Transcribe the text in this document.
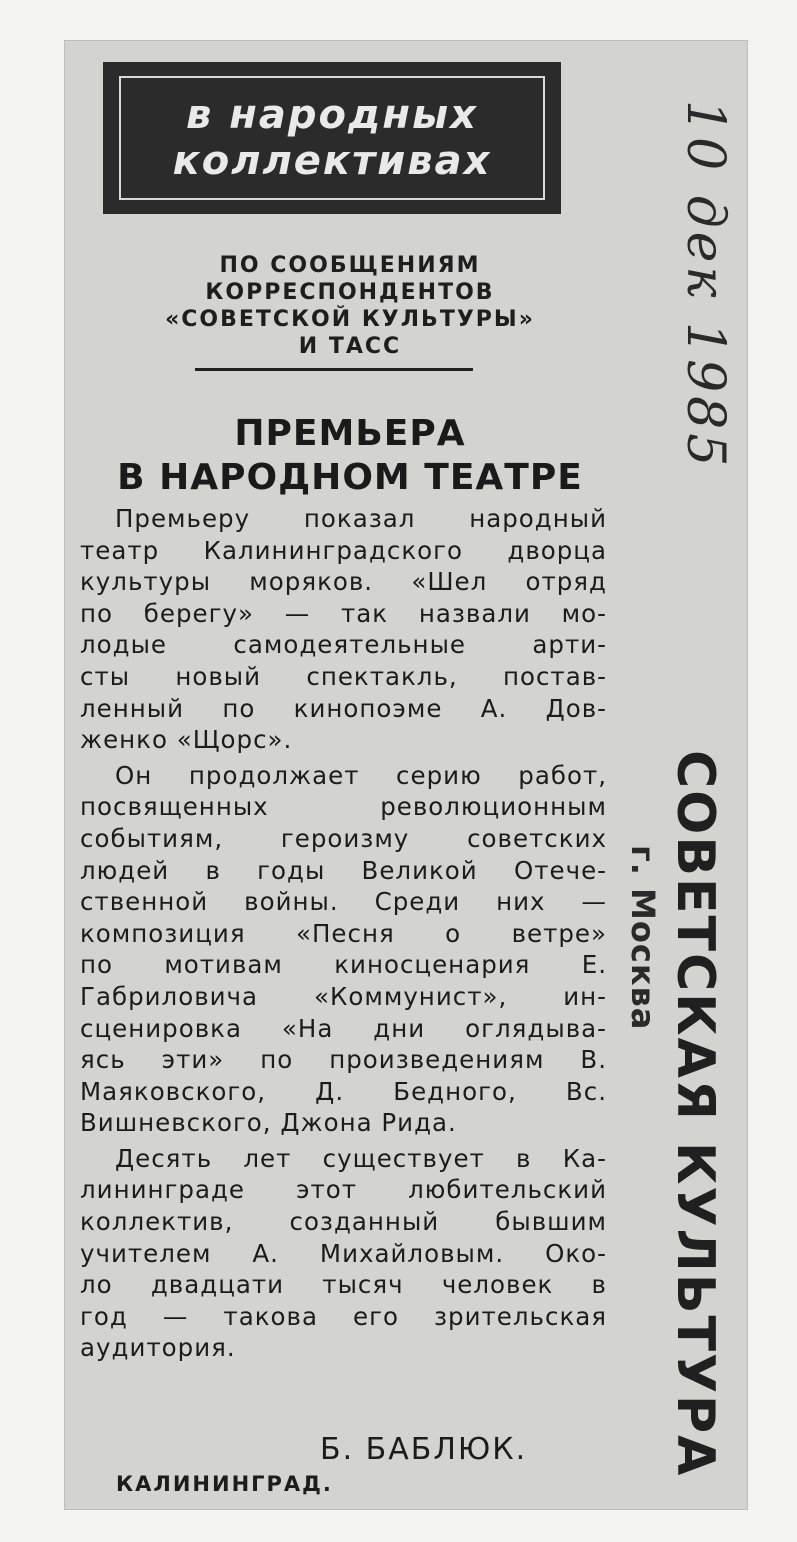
в народных
коллективах
ПО СООБЩЕНИЯМ
КОРРЕСПОНДЕНТОВ
«СОВЕТСКОЙ КУЛЬТУРЫ»
И ТАСС
ПРЕМЬЕРА
В НАРОДНОМ ТЕАТРЕ
Премьеру показал народный
театр Калининградского дворца
культуры моряков. «Шел отряд
по берегу» — так назвали мо-
лодые самодеятельные арти-
сты новый спектакль, постав-
ленный по кинопоэме А. Дов-
женко «Щорс».
Он продолжает серию работ,
посвященных революционным
событиям, героизму советских
людей в годы Великой Отече-
ственной войны. Среди них —
композиция «Песня о ветре»
по мотивам киносценария Е.
Габриловича «Коммунист», ин-
сценировка «На дни оглядыва-
ясь эти» по произведениям В.
Маяковского, Д. Бедного, Вс.
Вишневского, Джона Рида.
Десять лет существует в Ка-
лининграде этот любительский
коллектив, созданный бывшим
учителем А. Михайловым. Око-
ло двадцати тысяч человек в
год — такова его зрительская
аудитория.
Б. БАБЛЮК.
КАЛИНИНГРАД.
10 дек 1985
СОВЕТСКАЯ КУЛЬТУРА
г. Москва
